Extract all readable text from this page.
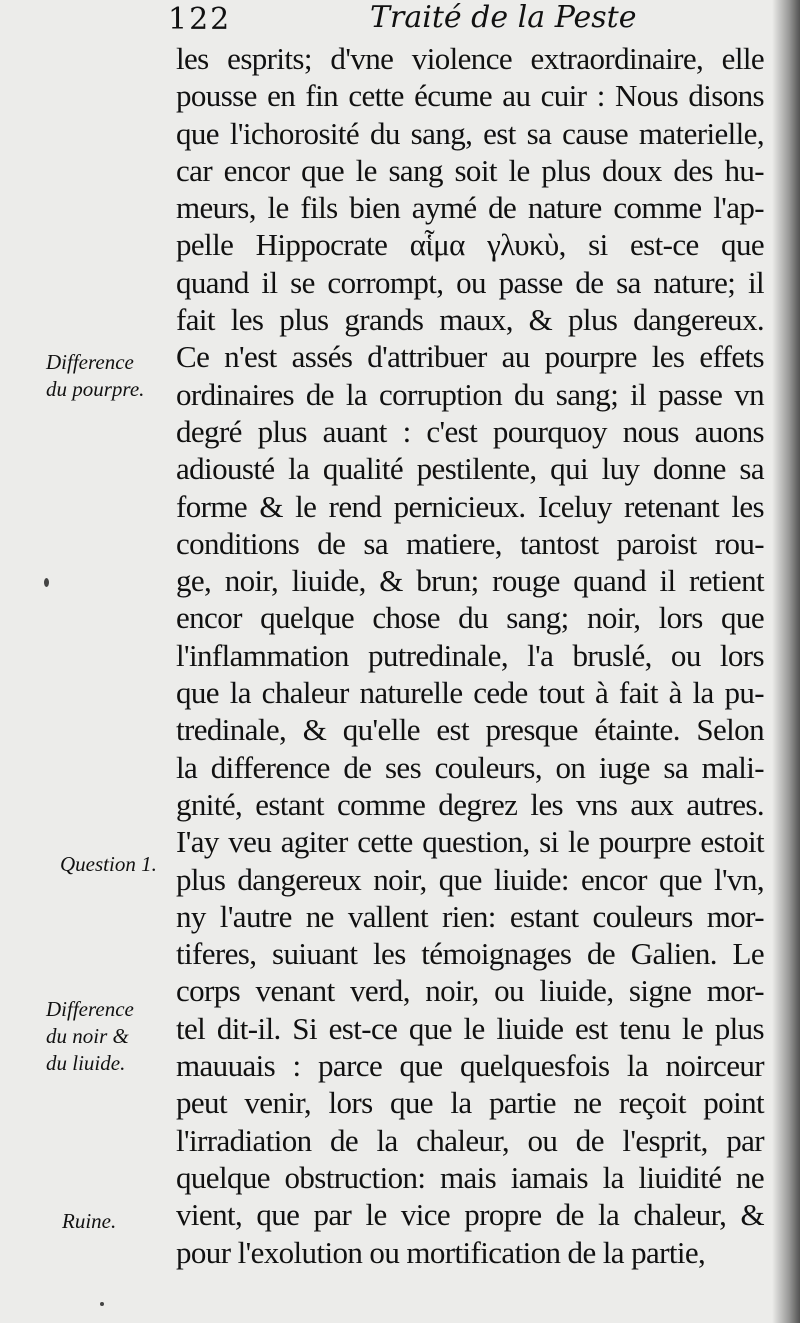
122	Traité de la Peste
Difference
du pourpre.
Question 1.
Difference
du noir &
du liuide.
Ruine.
les esprits; d'vne violence extraordinaire, elle
pousse en fin cette écume au cuir : Nous disons
que l'ichorosité du sang, est sa cause materielle,
car encor que le sang soit le plus doux des hu-
meurs, le fils bien aymé de nature comme l'ap-
pelle Hippocrate αἷμα γλυκὺ, si est-ce que
quand il se corrompt, ou passe de sa nature; il
fait les plus grands maux, & plus dangereux.
Ce n'est assés d'attribuer au pourpre les effets
ordinaires de la corruption du sang; il passe vn
degré plus auant : c'est pourquoy nous auons
adiousté la qualité pestilente, qui luy donne sa
forme & le rend pernicieux. Iceluy retenant les
conditions de sa matiere, tantost paroist rou-
ge, noir, liuide, & brun; rouge quand il retient
encor quelque chose du sang; noir, lors que
l'inflammation putredinale, l'a bruslé, ou lors
que la chaleur naturelle cede tout à fait à la pu-
tredinale, & qu'elle est presque étainte. Selon
la difference de ses couleurs, on iuge sa mali-
gnité, estant comme degrez les vns aux autres.
I'ay veu agiter cette question, si le pourpre estoit
plus dangereux noir, que liuide: encor que l'vn,
ny l'autre ne vallent rien: estant couleurs mor-
tiferes, suiuant les témoignages de Galien. Le
corps venant verd, noir, ou liuide, signe mor-
tel dit-il. Si est-ce que le liuide est tenu le plus
mauuais : parce que quelquesfois la noirceur
peut venir, lors que la partie ne reçoit point
l'irradiation de la chaleur, ou de l'esprit, par
quelque obstruction: mais iamais la liuidité ne
vient, que par le vice propre de la chaleur, &
pour l'exolution ou mortification de la partie,
